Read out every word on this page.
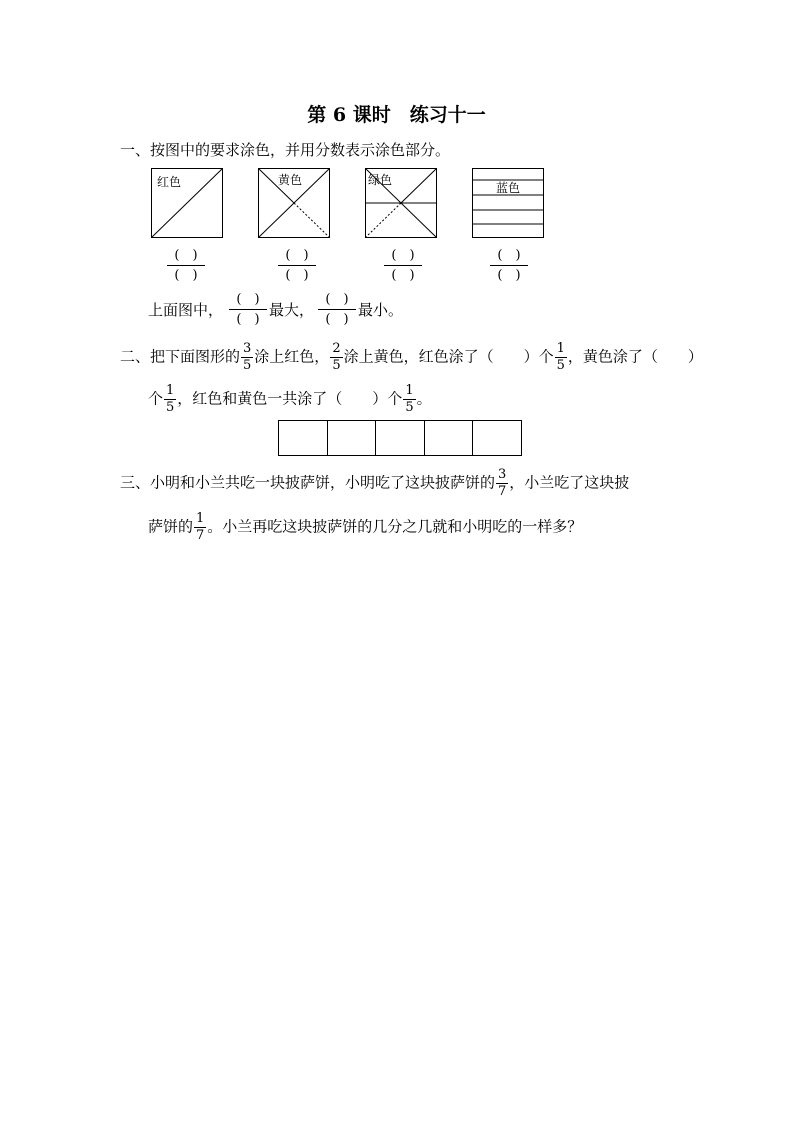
第 6 课时　练习十一
一、按图中的要求涂色，并用分数表示涂色部分。
红色	黄色	绿色
蓝色
(　)
(　)
(　)
(　)
(　)
(　)
(　)
(　)
上面图中，
(　)
(　)
最大，
(　)
(　)
最小。
二、把下面图形的 $\frac{3}{5}$ 涂上红色， $\frac{2}{5}$ 涂上黄色，红色涂了（　　）个 $\frac{1}{5}$ ，黄色涂了（　　）
个 $\frac{1}{5}$ ，红色和黄色一共涂了（　　）个 $\frac{1}{5}$ 。
三、小明和小兰共吃一块披萨饼，小明吃了这块披萨饼的 $\frac{3}{7}$ ，小兰吃了这块披
萨饼的 $\frac{1}{7}$ 。小兰再吃这块披萨饼的几分之几就和小明吃的一样多？
